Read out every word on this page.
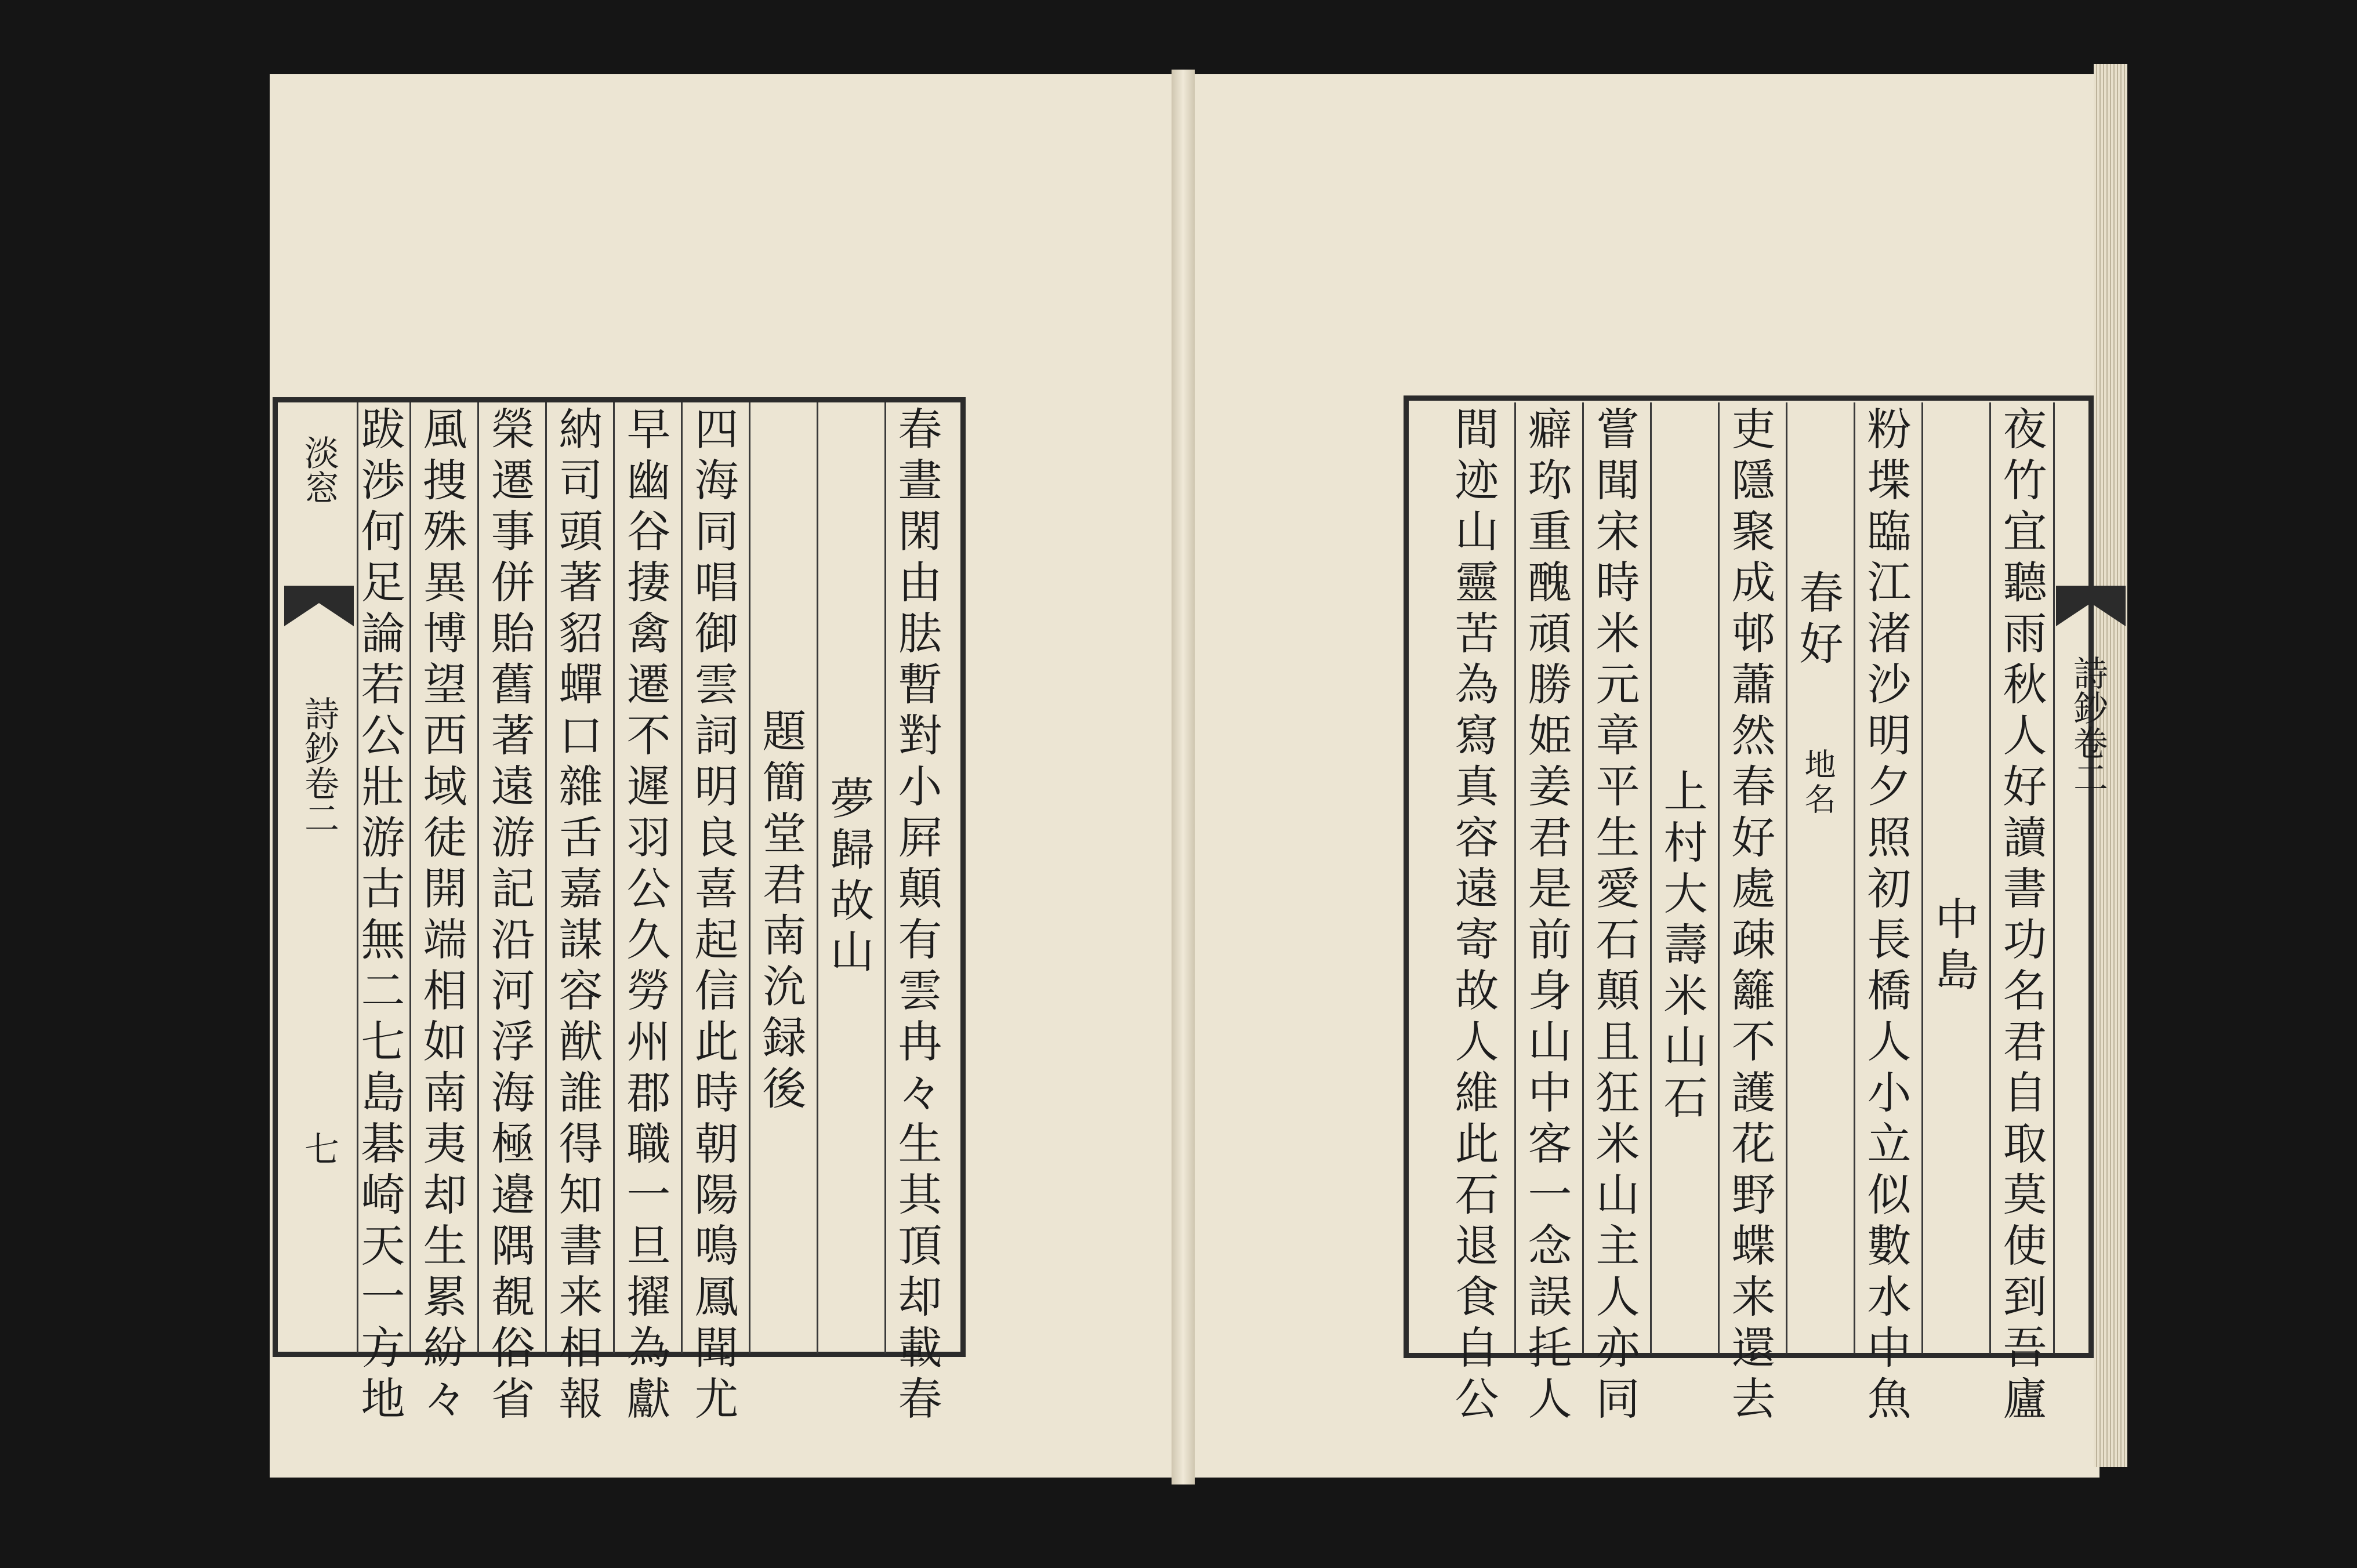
淡窓
詩鈔卷二
七	春晝閑由胠暫對小屛顛有雲冉々生其頂却載春
夢歸故山
題簡堂君南沇録後
四海同唱御雲詞明良喜起信此時朝陽鳴鳳聞尤
早幽谷捿禽遷不遲羽公久勞州郡職一旦擢為獻
納司頭著貂蟬口雜舌嘉謀容猷誰得知書来相報
榮遷事併貽舊著遠游記沿河浮海極邉隅覩俗省
風捜殊異博望西域徒開端相如南夷却生累紛々
跋渉何足論若公壯游古無二七島碁崎天一方地	詩鈔卷二
夜竹宜聽雨秋人好讀書功名君自取莫使到吾廬
中島
粉堞臨江渚沙明夕照初長橋人小立似數水中魚
春好
地名
吏隱聚成邨蕭然春好處疎籬不護花野蝶来還去
上村大壽米山石
嘗聞宋時米元章平生愛石顛且狂米山主人亦同
癖珎重醜頑勝姫姜君是前身山中客一念誤托人
間迹山靈苦為寫真容遠寄故人維此石退食自公
